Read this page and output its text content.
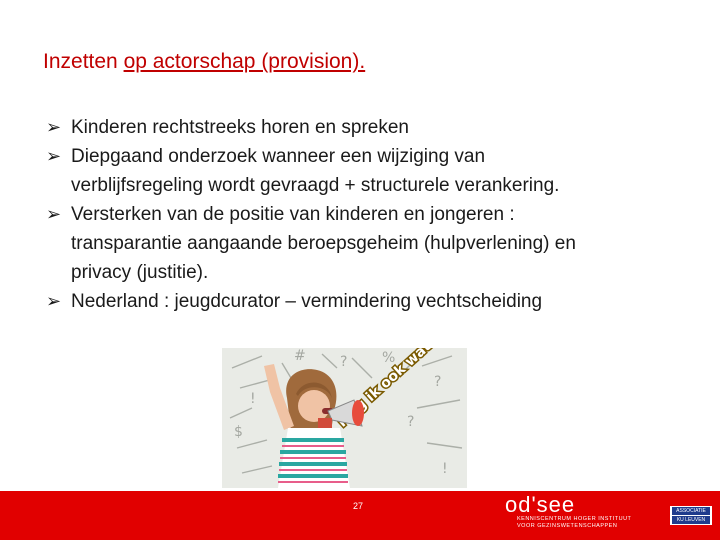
Inzetten op actorschap (provision).
➢ Kinderen rechtstreeks horen en spreken
➢ Diepgaand onderzoek wanneer een wijziging van
verblijfsregeling wordt gevraagd + structurele verankering.
➢ Versterken van de positie van kinderen en jongeren :
transparantie aangaande beroepsgeheim (hulpverlening) en
privacy (justitie).
➢ Nederland : jeugdcurator – vermindering vechtscheiding
? %
!
?
$
!
#
?
27	od'see
KENNISCENTRUM HOGER INSTITUUT
VOOR GEZINSWETENSCHAPPEN
ASSOCIATIE
KU LEUVEN
